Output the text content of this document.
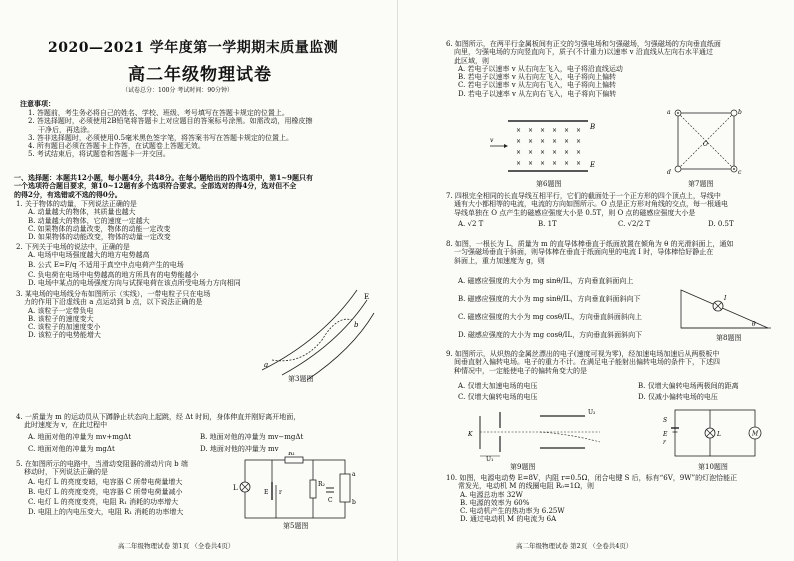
2020—2021 学年度第一学期期末质量监测
高二年级物理试卷
（试卷总分：100分 考试时间：90分钟）
注意事项：
1. 答题前，考生务必将自己的姓名、学校、班级、考号填写在答题卡规定的位置上。
2. 答选择题时，必须使用2B铅笔将答题卡上对应题目的答案标号涂黑。如需改动，用橡皮擦
干净后，再选涂。
3. 答非选择题时，必须使用0.5毫米黑色签字笔，将答案书写在答题卡规定的位置上。
4. 所有题目必须在答题卡上作答，在试题卷上答题无效。
5. 考试结束后，将试题卷和答题卡一并交回。
一、选择题：本题共12小题，每小题4分，共48分。在每小题给出的四个选项中，第1~9题只有
一个选项符合题目要求，第10~12题有多个选项符合要求。全部选对的得4分，选对但不全
的得2分，有选错或不选的得0分。
1. 关于物体的动量，下列说法正确的是
A. 动量越大的物体，其质量也越大
B. 动量越大的物体，它的速度一定越大
C. 如果物体的动量改变，物体的动能一定改变
D. 如果物体的动能改变，物体的动量一定改变
2. 下列关于电场的说法中，正确的是
A. 电场中电场强度越大的地方电势越高
B. 公式 E=F/q 不适用于真空中点电荷产生的电场
C. 负电荷在电场中电势越高的地方所具有的电势能越小
D. 电场中某点的电场强度方向与试探电荷在该点所受电场力方向相同
3. 某电场的电场线分布如图所示（实线），一带电粒子只在电场
力的作用下沿虚线由 a 点运动到 b 点，以下说法正确的是
A. 该粒子一定带负电
B. 该粒子的速度变大
C. 该粒子的加速度变小
D. 该粒子的电势能增大
E
a
b
第3题图
4. 一质量为 m 的运动员从下蹲静止状态向上起跳，经 Δt 时间，身体伸直并刚好离开地面，
此时速度为 v，在此过程中
A. 地面对他的冲量为 mv+mgΔt	B. 地面对他的冲量为 mv−mgΔt
C. 地面对他的冲量为 mgΔt	D. 地面对他的冲量为 mv
5. 在如图所示的电路中，当滑动变阻器的滑动片向 b 端
移动时，下列说法正确的是
A. 电灯 L 的亮度变暗，电容器 C 所带电荷量增大
B. 电灯 L 的亮度变亮，电容器 C 所带电荷量减小
C. 电灯 L 的亮度变亮，电阻 R₁ 消耗的功率增大
D. 电阻上的内电压变大，电阻 R₁ 消耗的功率增大
L
R₁
R₂
C
E r
a
b
第5题图
高二年级物理试卷 第1页 （全卷共4页）
6. 如图所示，在两平行金属板间有正交的匀强电场和匀强磁场，匀强磁场的方向垂直纸面
向里，匀强电场的方向竖直向下，质子(不计重力)以速率 v 沿直线从左向右水平通过
此区域，则
A. 若电子以速率 v 从右向左飞入，电子将沿直线运动
B. 若电子以速率 v 从右向左飞入，电子将向上偏转
C. 若电子以速率 v 从左向右飞入，电子将向上偏转
D. 若电子以速率 v 从左向右飞入，电子将向下偏转
× × × × × ×
× × × × × ×
× × × × × ×
× × × × × ×
v
B
E
第6题图
a	b
O
c
d
第7题图
7. 四根完全相同的长直导线互相平行，它们的截面处于一个正方形的四个顶点上，导线中
通有大小都相等的电流，电流的方向如图所示。O 点是正方形对角线的交点，每一根通电
导线单独在 O 点产生的磁感应强度大小是 0.5T，则 O 点的磁感应强度大小是
A. √2 T	B. 1T	C. √2/2 T	D. 0.5T
8. 如图，一根长为 L，质量为 m 的直导体棒垂直于纸面放置在倾角为 θ 的光滑斜面上，通如
一匀强磁场垂直于斜面，则导体棒在垂直于纸面向里的电流 I 时，导体棒恰好静止在
斜面上，重力加速度为 g，则
A. 磁感应强度的大小为 mg sinθ/IL，方向垂直斜面向上
B. 磁感应强度的大小为 mg sinθ/IL，方向垂直斜面斜向下
C. 磁感应强度的大小为 mg cosθ/IL，方向垂直斜面斜向上
D. 磁感应强度的大小为 mg cosθ/IL，方向垂直斜面斜向下
I
θ
第8题图
9. 如图所示，从炽热的金属丝漂出的电子(速度可视为零)，经加速电场加速后从两极板中
间垂直射入偏转电场。电子的重力不计。在满足电子能射出偏转电场的条件下，下述四
种情况中，一定能使电子的偏转角变大的是
A. 仅增大加速电场的电压	B. 仅增大偏转电场两极间的距离
C. 仅增大偏转电场的电压	D. 仅减小偏转电场的电压
K
U₁
U₂
第9题图
S
E
r
L	M
第10题图
10. 如图，电源电动势 E=8V，内阻 r=0.5Ω，闭合电键 S 后，标有“6V，9W”的灯泡恰能正
常发光，电动机 M 的线圈电阻 R₀=1Ω，则
A. 电源总功率 32W
B. 电源的效率为 60%
C. 电动机产生的热功率为 6.25W
D. 通过电动机 M 的电流为 6A
高二年级物理试卷 第2页 （全卷共4页）
